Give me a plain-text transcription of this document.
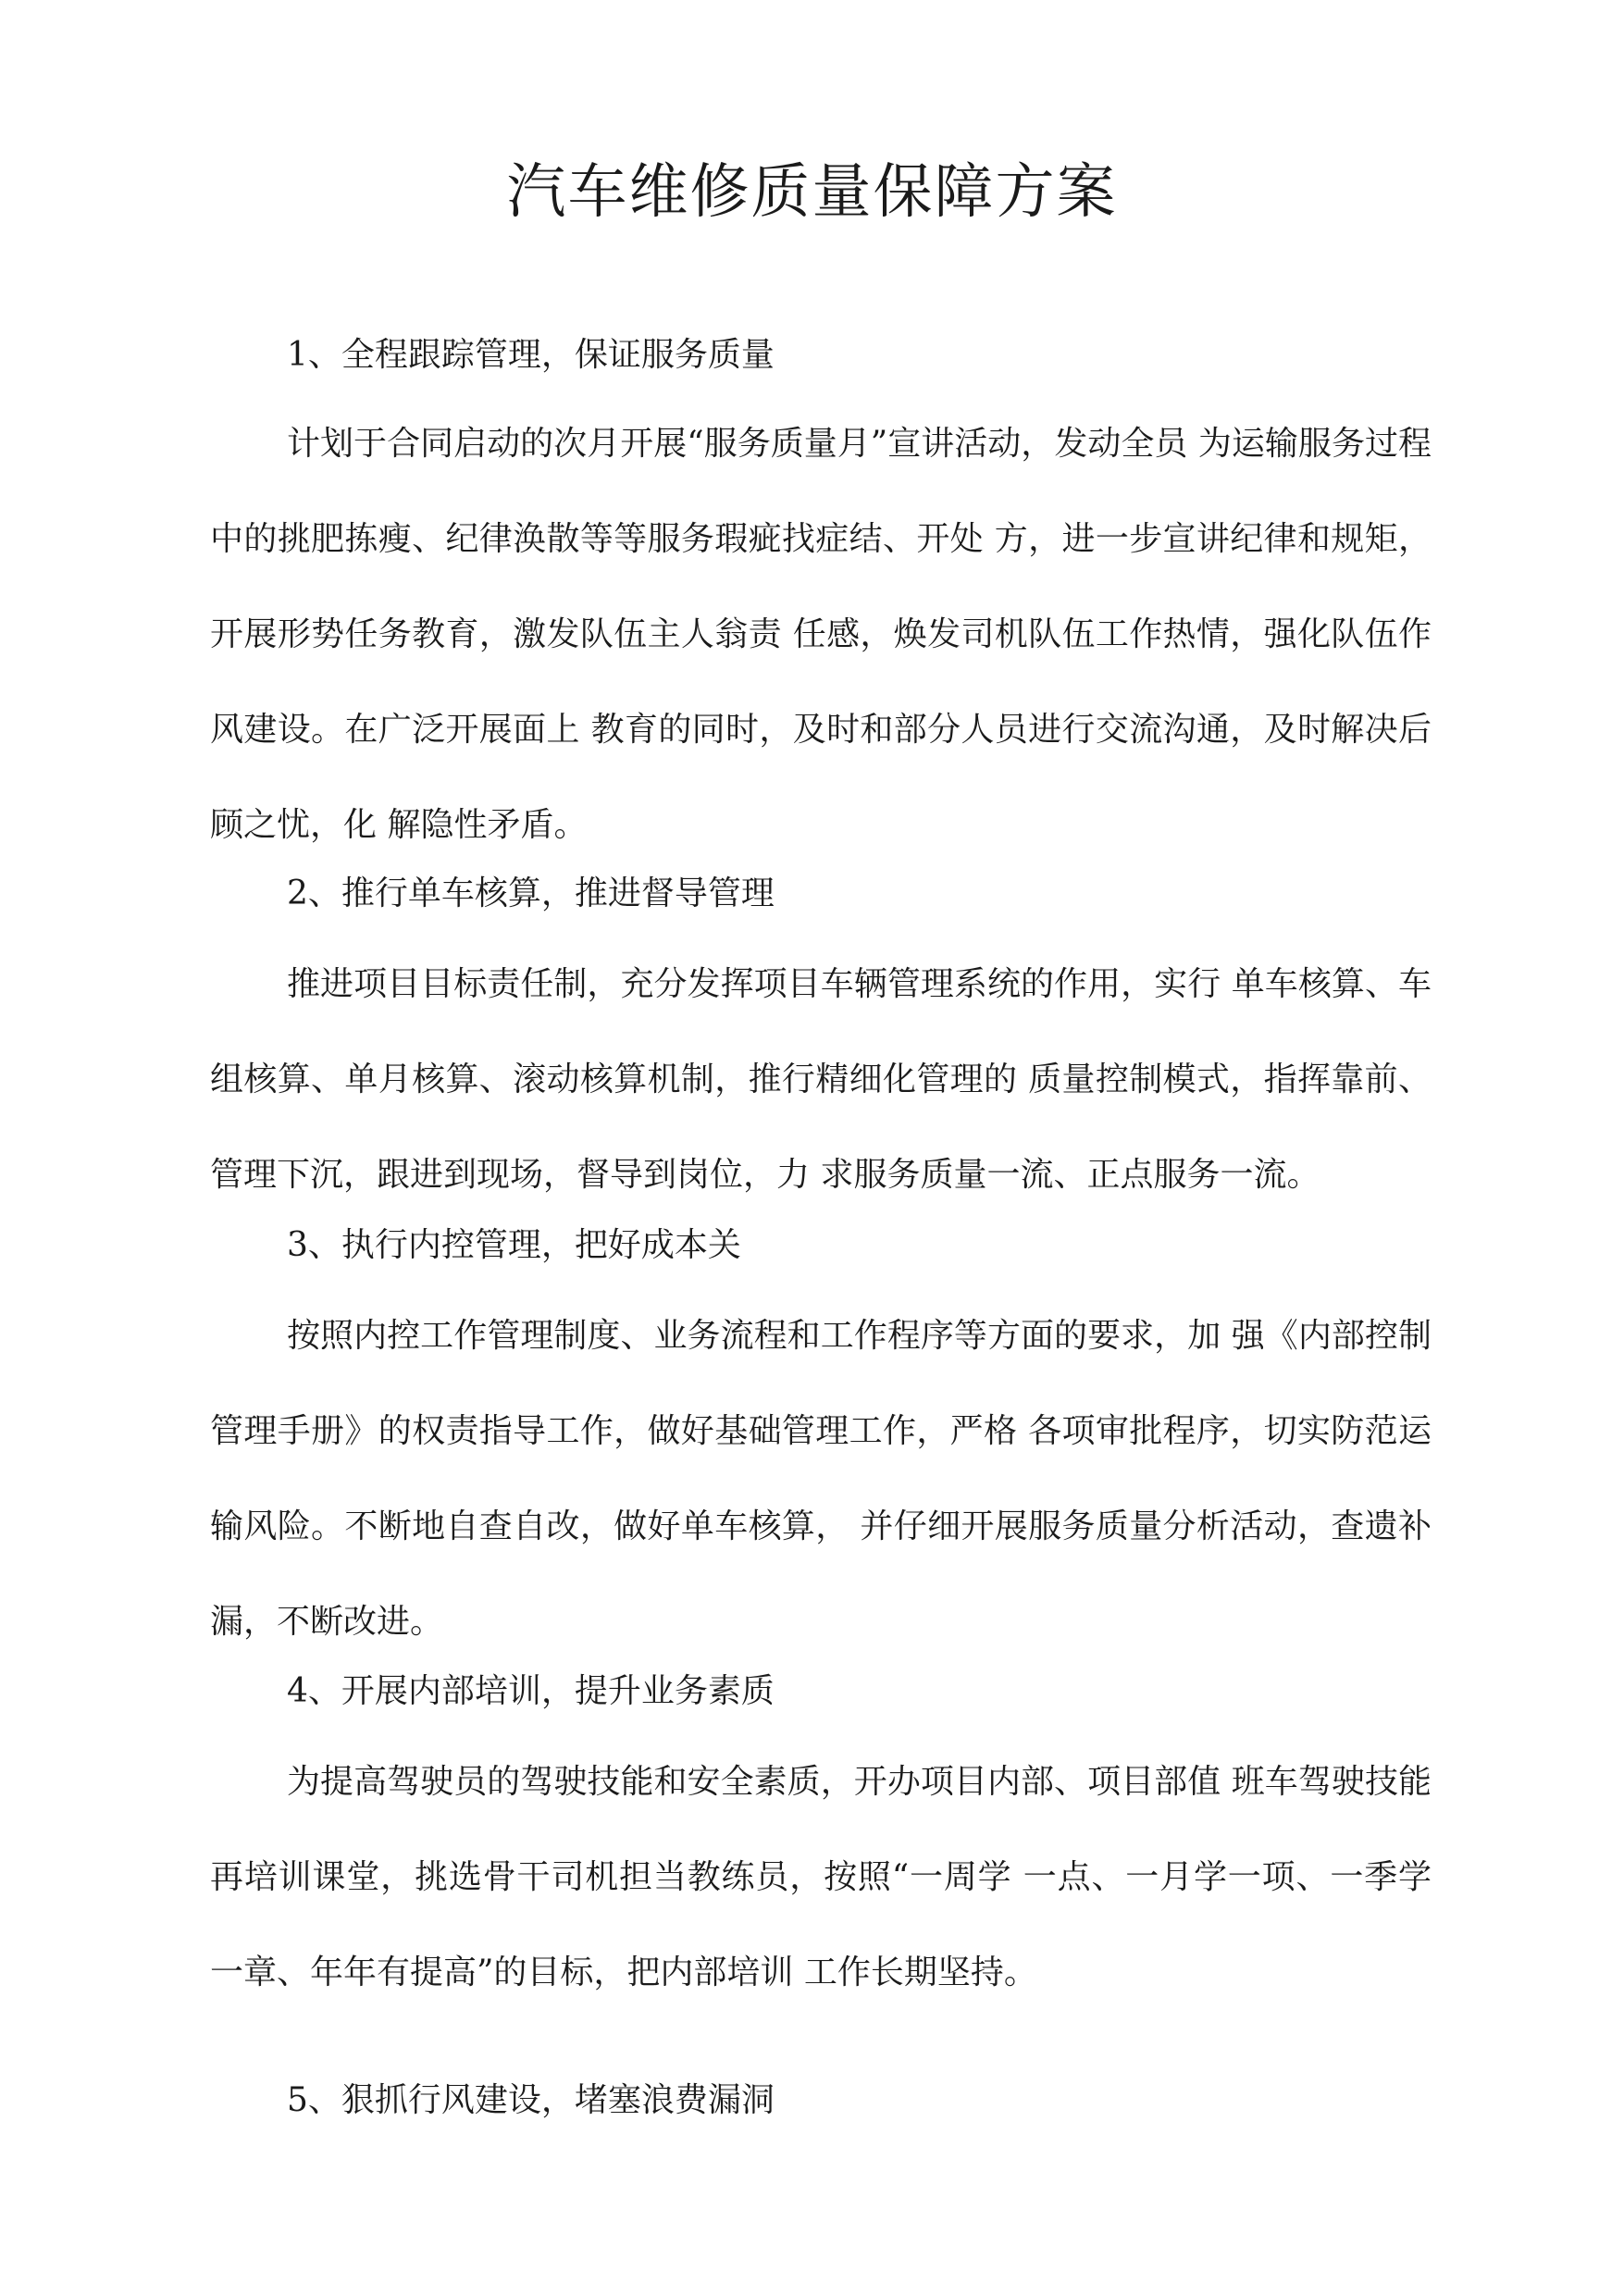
汽车维修质量保障方案
1、全程跟踪管理，保证服务质量

计划于合同启动的次月开展“服务质量月”宣讲活动，发动全员 为运输服务过程中的挑肥拣瘦、纪律涣散等等服务瑕疵找症结、开处 方，进一步宣讲纪律和规矩，开展形势任务教育，激发队伍主人翁责 任感，焕发司机队伍工作热情，强化队伍作风建设。在广泛开展面上 教育的同时，及时和部分人员进行交流沟通，及时解决后顾之忧，化 解隐性矛盾。

2、推行单车核算，推进督导管理

推进项目目标责任制，充分发挥项目车辆管理系统的作用，实行 单车核算、车组核算、单月核算、滚动核算机制，推行精细化管理的 质量控制模式，指挥靠前、管理下沉，跟进到现场，督导到岗位，力 求服务质量一流、正点服务一流。

3、执行内控管理，把好成本关

按照内控工作管理制度、业务流程和工作程序等方面的要求，加 强《内部控制管理手册》的权责指导工作，做好基础管理工作，严格 各项审批程序，切实防范运输风险。不断地自查自改，做好单车核算， 并仔细开展服务质量分析活动，查遗补漏，不断改进。

4、开展内部培训，提升业务素质

为提高驾驶员的驾驶技能和安全素质，开办项目内部、项目部值 班车驾驶技能再培训课堂，挑选骨干司机担当教练员，按照“一周学 一点、一月学一项、一季学一章、年年有提高”的目标，把内部培训 工作长期坚持。

5、狠抓行风建设，堵塞浪费漏洞
